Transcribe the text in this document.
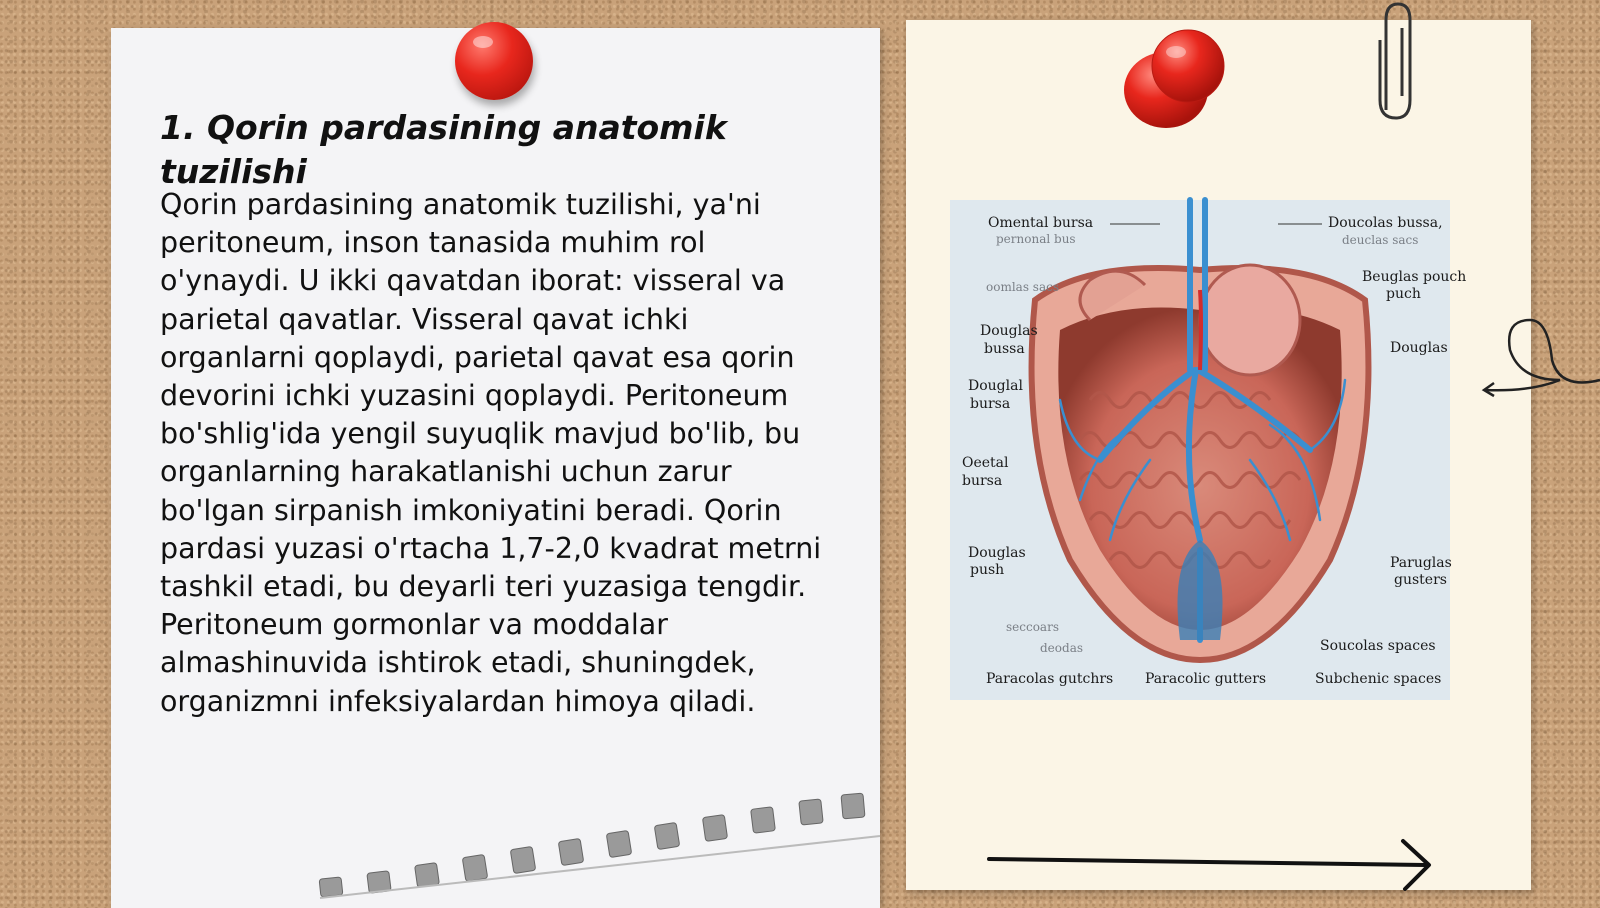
1. Qorin pardasining anatomik tuzilishi

Qorin pardasining anatomik tuzilishi, ya'ni peritoneum, inson tanasida muhim rol o'ynaydi. U ikki qavatdan iborat: visseral va parietal qavatlar. Visseral qavat ichki organlarni qoplaydi, parietal qavat esa qorin devorini ichki yuzasini qoplaydi. Peritoneum bo'shlig'ida yengil suyuqlik mavjud bo'lib, bu organlarning harakatlanishi uchun zarur bo'lgan sirpanish imkoniyatini beradi. Qorin pardasi yuzasi o'rtacha 1,7-2,0 kvadrat metrni tashkil etadi, bu deyarli teri yuzasiga tengdir. Peritoneum gormonlar va moddalar almashinuvida ishtirok etadi, shuningdek, organizmni infeksiyalardan himoya qiladi.

Omental bursa
pernonal bus
oomlas sacs
Douglas
bussa
Douglal
bursa
Oeetal
bursa
Douglas
push
seccoars
deodas
Paracolas gutchrs Paracolic gutters	Subchenic spaces
Soucolas spaces
Paruglas
gusters
Douglas
Beuglas pouch
puch
Doucolas bussa,
deuclas sacs
